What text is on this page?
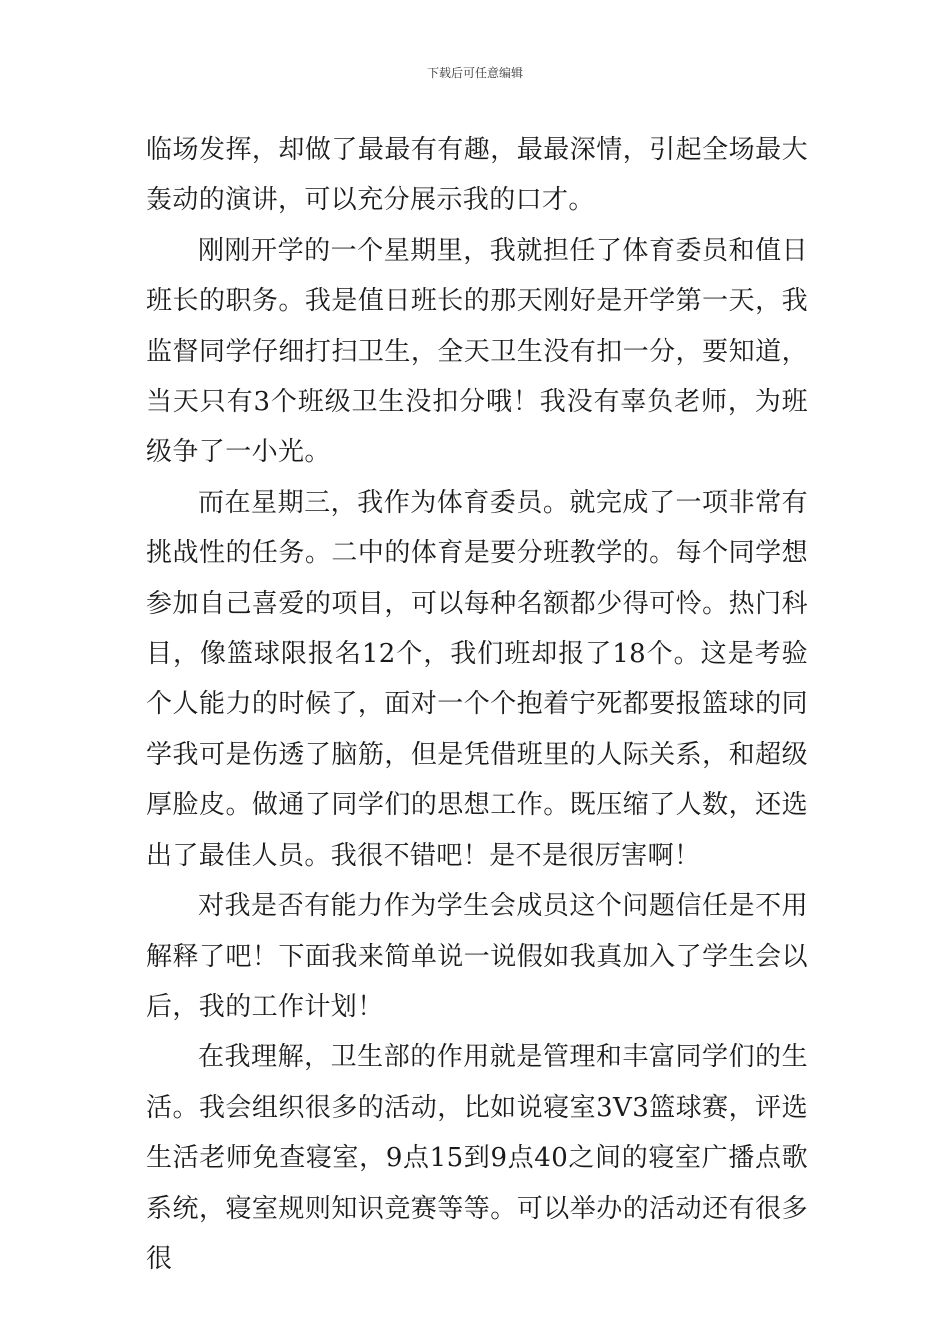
下载后可任意编辑

临场发挥，却做了最最有有趣，最最深情，引起全场最大轰动的演讲，可以充分展示我的口才。

刚刚开学的一个星期里，我就担任了体育委员和值日班长的职务。我是值日班长的那天刚好是开学第一天，我监督同学仔细打扫卫生，全天卫生没有扣一分，要知道，当天只有3个班级卫生没扣分哦！我没有辜负老师，为班级争了一小光。

而在星期三，我作为体育委员。就完成了一项非常有挑战性的任务。二中的体育是要分班教学的。每个同学想参加自己喜爱的项目，可以每种名额都少得可怜。热门科目，像篮球限报名12个，我们班却报了18个。这是考验个人能力的时候了，面对一个个抱着宁死都要报篮球的同学我可是伤透了脑筋，但是凭借班里的人际关系，和超级厚脸皮。做通了同学们的思想工作。既压缩了人数，还选出了最佳人员。我很不错吧！是不是很厉害啊！

对我是否有能力作为学生会成员这个问题信任是不用解释了吧！下面我来简单说一说假如我真加入了学生会以后，我的工作计划！

在我理解，卫生部的作用就是管理和丰富同学们的生活。我会组织很多的活动，比如说寝室3V3篮球赛，评选生活老师免查寝室，9点15到9点40之间的寝室广播点歌系统，寝室规则知识竞赛等等。可以举办的活动还有很多很
